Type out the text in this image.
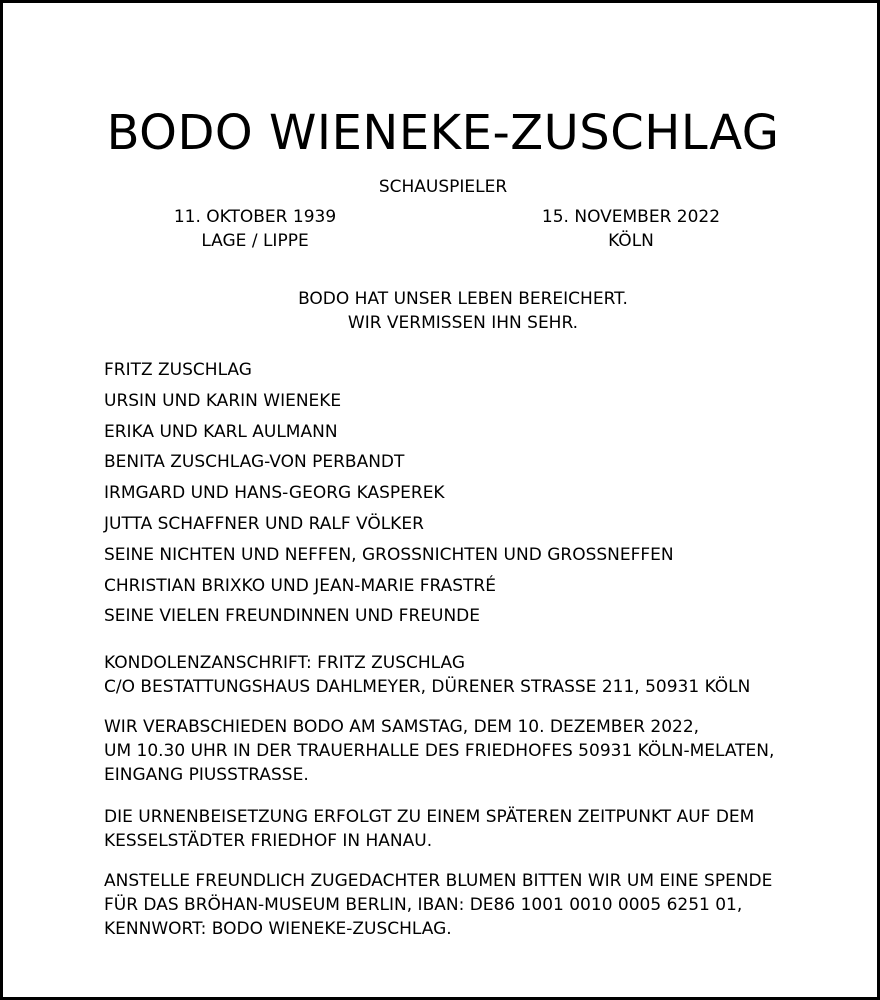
BODO WIENEKE-ZUSCHLAG
SCHAUSPIELER
11. OKTOBER 1939
LAGE / LIPPE
15. NOVEMBER 2022
KÖLN
BODO HAT UNSER LEBEN BEREICHERT.
WIR VERMISSEN IHN SEHR.
FRITZ ZUSCHLAG
URSIN UND KARIN WIENEKE
ERIKA UND KARL AULMANN
BENITA ZUSCHLAG-VON PERBANDT
IRMGARD UND HANS-GEORG KASPEREK
JUTTA SCHAFFNER UND RALF VÖLKER
SEINE NICHTEN UND NEFFEN, GROSSNICHTEN UND GROSSNEFFEN
CHRISTIAN BRIXKO UND JEAN-MARIE FRASTRÉ
SEINE VIELEN FREUNDINNEN UND FREUNDE
KONDOLENZANSCHRIFT: FRITZ ZUSCHLAG
C/O BESTATTUNGSHAUS DAHLMEYER, DÜRENER STRASSE 211, 50931 KÖLN
WIR VERABSCHIEDEN BODO AM SAMSTAG, DEM 10. DEZEMBER 2022,
UM 10.30 UHR IN DER TRAUERHALLE DES FRIEDHOFES 50931 KÖLN-MELATEN,
EINGANG PIUSSTRASSE.
DIE URNENBEISETZUNG ERFOLGT ZU EINEM SPÄTEREN ZEITPUNKT AUF DEM
KESSELSTÄDTER FRIEDHOF IN HANAU.
ANSTELLE FREUNDLICH ZUGEDACHTER BLUMEN BITTEN WIR UM EINE SPENDE
FÜR DAS BRÖHAN-MUSEUM BERLIN, IBAN: DE86 1001 0010 0005 6251 01,
KENNWORT: BODO WIENEKE-ZUSCHLAG.
